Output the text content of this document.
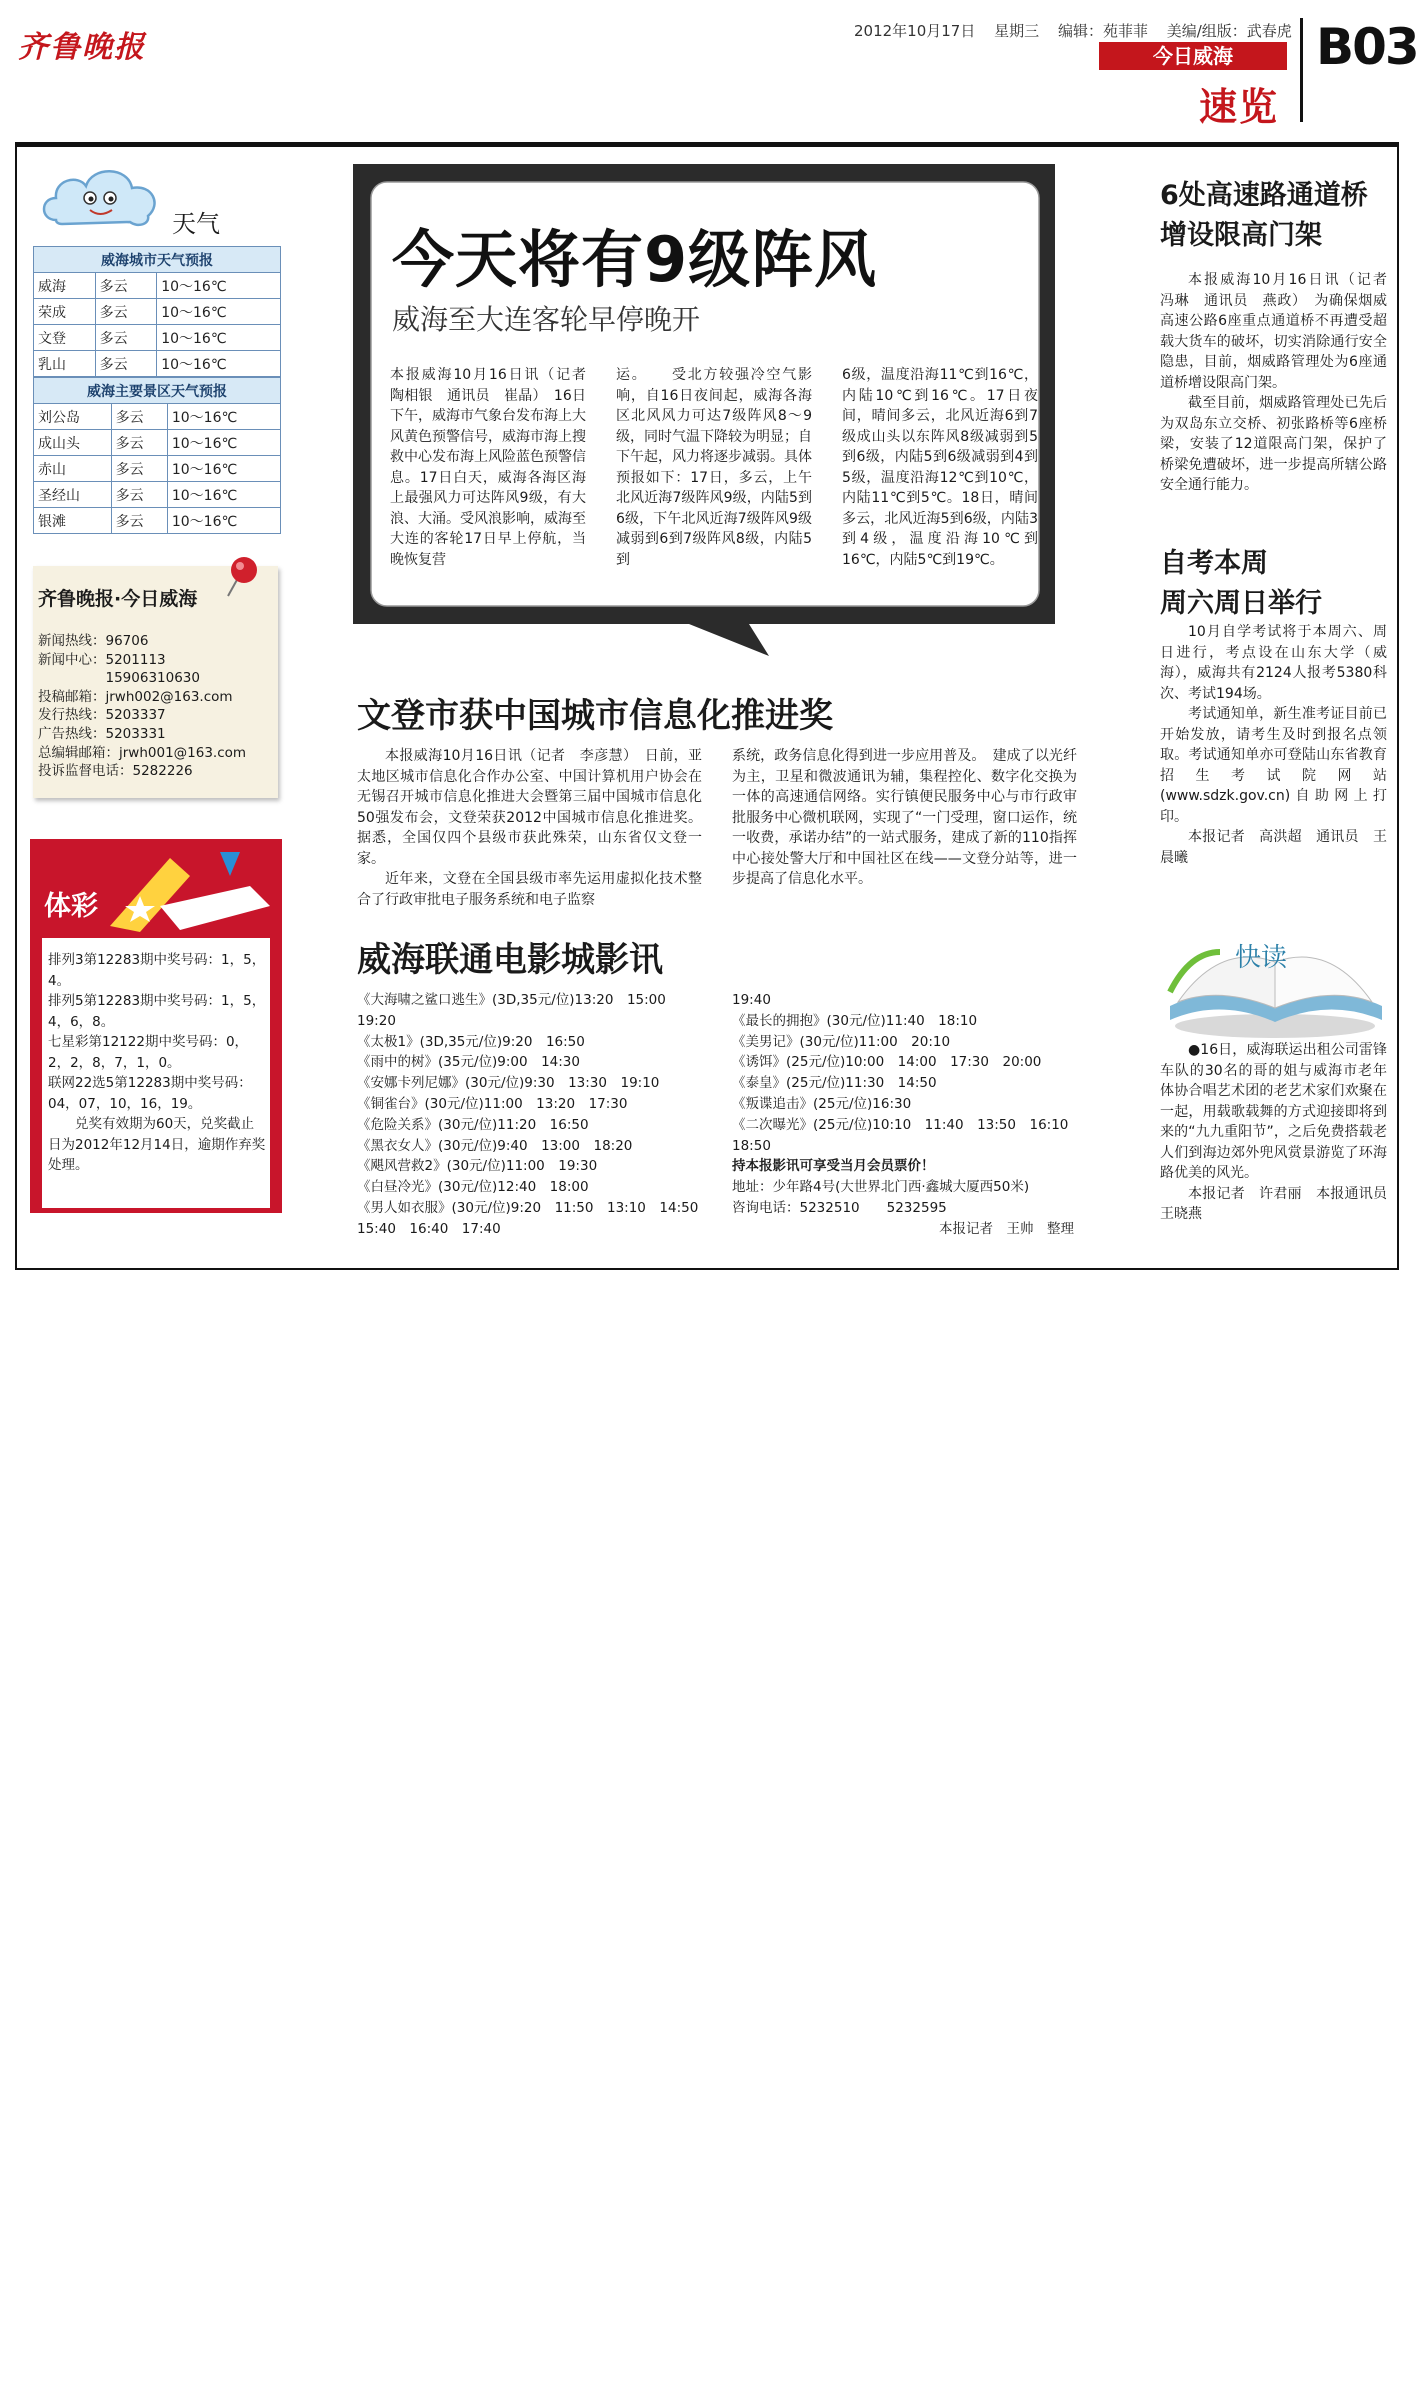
齐鲁晚报	2012年10月17日 星期三 编辑：苑菲菲 美编/组版：武春虎
今日威海
速览
B03
天气
威海城市天气预报		
威海	多云	10～16℃
荣成	多云	10～16℃
文登	多云	10～16℃
乳山	多云	10～16℃
威海主要景区天气预报		
刘公岛	多云	10～16℃
成山头	多云	10～16℃
赤山	多云	10～16℃
圣经山	多云	10～16℃
银滩	多云	10～16℃
齐鲁晚报·今日威海
新闻热线：96706
新闻中心：5201113
　　　　　15906310630
投稿邮箱：jrwh002@163.com
发行热线：5203337
广告热线：5203331
总编辑邮箱：jrwh001@163.com
投诉监督电话：5282226
体彩

排列3第12283期中奖号码：1，5，4。

排列5第12283期中奖号码：1，5，4，6，8。

七星彩第12122期中奖号码：0，2，2，8，7，1，0。

联网22选5第12283期中奖号码：04，07，10，16，19。

兑奖有效期为60天，兑奖截止日为2012年12月14日，逾期作弃奖处理。

今天将有9级阵风
威海至大连客轮早停晚开
本报威海10月16日讯（记者　陶相银　通讯员　崔晶）　16日下午，威海市气象台发布海上大风黄色预警信号，威海市海上搜救中心发布海上风险蓝色预警信息。17日白天，威海各海区海上最强风力可达阵风9级，有大浪、大涌。受风浪影响，威海至大连的客轮17日早上停航，当晚恢复营
运。　　受北方较强冷空气影响，自16日夜间起，威海各海区北风风力可达7级阵风8～9级，同时气温下降较为明显；自下午起，风力将逐步减弱。具体预报如下：17日，多云，上午北风近海7级阵风9级，内陆5到6级，下午北风近海7级阵风9级减弱到6到7级阵风8级，内陆5到
6级，温度沿海11℃到16℃，内陆10℃到16℃。17日夜间，晴间多云，北风近海6到7级成山头以东阵风8级减弱到5到6级，内陆5到6级减弱到4到5级，温度沿海12℃到10℃，内陆11℃到5℃。18日，晴间多云，北风近海5到6级，内陆3到4级，温度沿海10℃到16℃，内陆5℃到19℃。
文登市获中国城市信息化推进奖

本报威海10月16日讯（记者　李彦慧）　日前，亚太地区城市信息化合作办公室、中国计算机用户协会在无锡召开城市信息化推进大会暨第三届中国城市信息化50强发布会，文登荣获2012中国城市信息化推进奖。据悉，全国仅四个县级市获此殊荣，山东省仅文登一家。

近年来，文登在全国县级市率先运用虚拟化技术整合了行政审批电子服务系统和电子监察

系统，政务信息化得到进一步应用普及。　建成了以光纤为主，卫星和微波通讯为辅，集程控化、数字化交换为一体的高速通信网络。实行镇便民服务中心与市行政审批服务中心微机联网，实现了“一门受理，窗口运作，统一收费，承诺办结”的一站式服务，建成了新的110指挥中心接处警大厅和中国社区在线——文登分站等，进一步提高了信息化水平。
威海联通电影城影讯
《大海啸之鲨口逃生》(3D,35元/位)13:20　15:00
19:20
《太极1》(3D,35元/位)9:20　16:50
《雨中的树》(35元/位)9:00　14:30
《安娜卡列尼娜》(30元/位)9:30　13:30　19:10
《铜雀台》(30元/位)11:00　13:20　17:30
《危险关系》(30元/位)11:20　16:50
《黑衣女人》(30元/位)9:40　13:00　18:20
《飓风营救2》(30元/位)11:00　19:30
《白昼冷光》(30元/位)12:40　18:00
《男人如衣服》(30元/位)9:20　11:50　13:10　14:50
15:40　16:40　17:40
19:40
《最长的拥抱》(30元/位)11:40　18:10
《美男记》(30元/位)11:00　20:10
《诱饵》(25元/位)10:00　14:00　17:30　20:00
《泰皇》(25元/位)11:30　14:50
《叛谍追击》(25元/位)16:30
《二次曝光》(25元/位)10:10　11:40　13:50　16:10
18:50
持本报影讯可享受当月会员票价！
地址：少年路4号(大世界北门西·鑫城大厦西50米)
咨询电话：5232510　　5232595
本报记者　王帅　整理
6处高速路通道桥
增设限高门架

本报威海10月16日讯（记者　冯琳　通讯员　燕政）　为确保烟威高速公路6座重点通道桥不再遭受超载大货车的破坏，切实消除通行安全隐患，目前，烟威路管理处为6座通道桥增设限高门架。

截至目前，烟威路管理处已先后为双岛东立交桥、初张路桥等6座桥梁，安装了12道限高门架，保护了桥梁免遭破坏，进一步提高所辖公路安全通行能力。

自考本周
周六周日举行

10月自学考试将于本周六、周日进行，考点设在山东大学（威海），威海共有2124人报考5380科次、考试194场。

考试通知单，新生准考证目前已开始发放，请考生及时到报名点领取。考试通知单亦可登陆山东省教育招生考试院网站(www.sdzk.gov.cn)自助网上打印。

本报记者　高洪超　通讯员　王晨曦

快读

●16日，威海联运出租公司雷锋车队的30名的哥的姐与威海市老年体协合唱艺术团的老艺术家们欢聚在一起，用载歌载舞的方式迎接即将到来的“九九重阳节”，之后免费搭载老人们到海边郊外兜风赏景游览了环海路优美的风光。

本报记者　许君丽　本报通讯员　王晓燕
